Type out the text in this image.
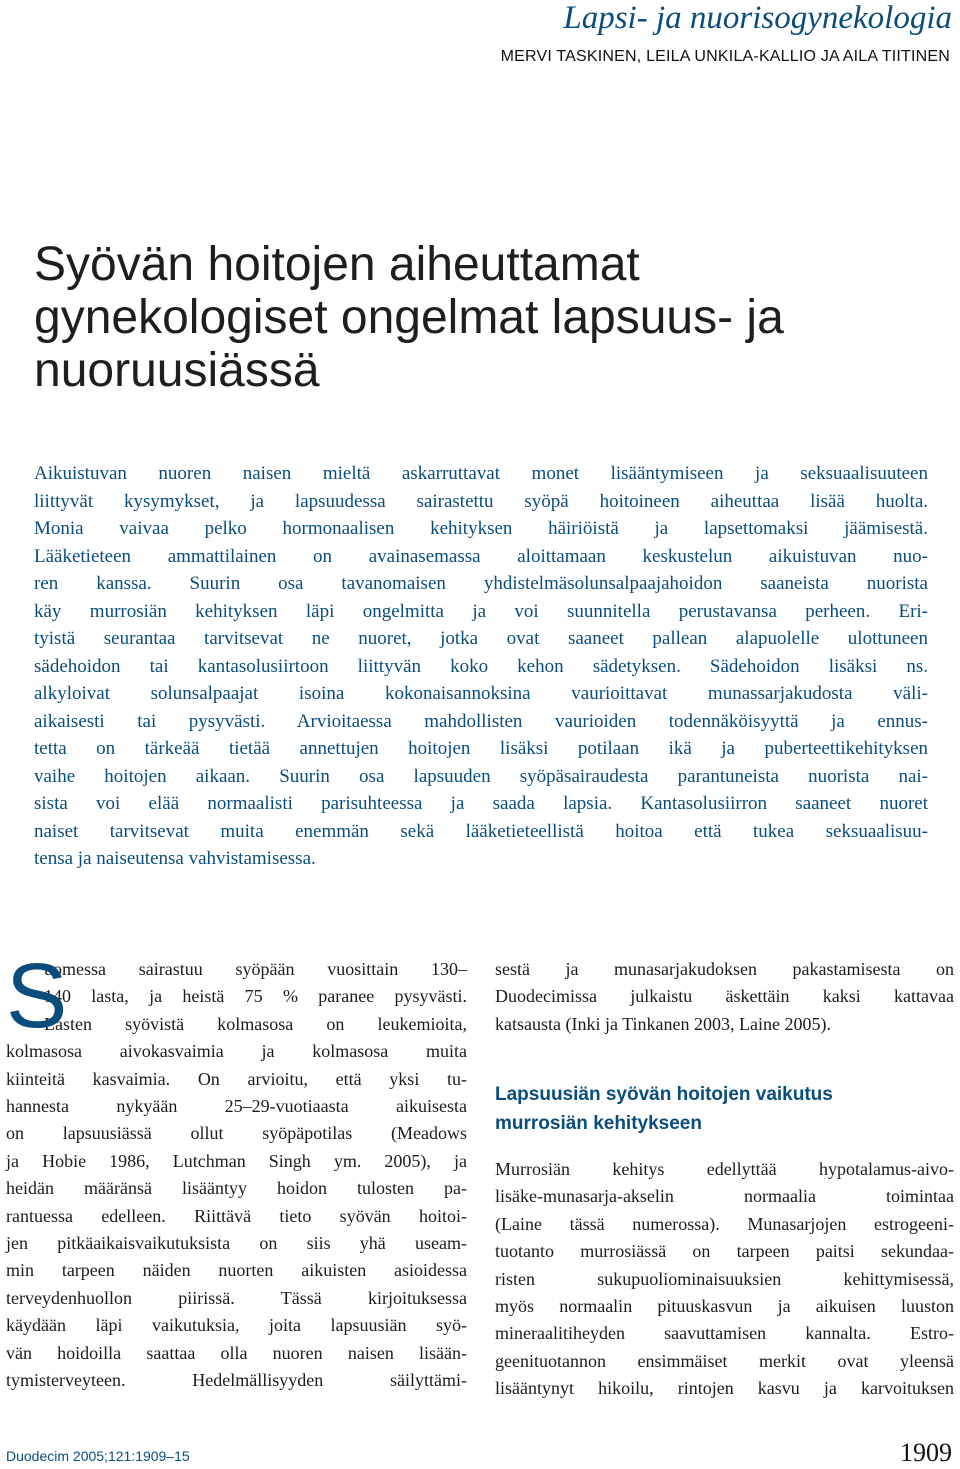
Lapsi- ja nuorisogynekologia
MERVI TASKINEN, LEILA UNKILA-KALLIO JA AILA TIITINEN
Syövän hoitojen aiheuttamat
gynekologiset ongelmat lapsuus- ja
nuoruusiässä
Aikuistuvan nuoren naisen mieltä askarruttavat monet lisääntymiseen ja seksuaalisuuteen
liittyvät kysymykset, ja lapsuudessa sairastettu syöpä hoitoineen aiheuttaa lisää huolta.
Monia vaivaa pelko hormonaalisen kehityksen häiriöistä ja lapsettomaksi jäämisestä.
Lääketieteen ammattilainen on avainasemassa aloittamaan keskustelun aikuistuvan nuo-
ren kanssa. Suurin osa tavanomaisen yhdistelmäsolunsalpaajahoidon saaneista nuorista
käy murrosiän kehityksen läpi ongelmitta ja voi suunnitella perustavansa perheen. Eri-
tyistä seurantaa tarvitsevat ne nuoret, jotka ovat saaneet pallean alapuolelle ulottuneen
sädehoidon tai kantasolusiirtoon liittyvän koko kehon sädetyksen. Sädehoidon lisäksi ns.
alkyloivat solunsalpaajat isoina kokonaisannoksina vaurioittavat munassarjakudosta väli-
aikaisesti tai pysyvästi. Arvioitaessa mahdollisten vaurioiden todennäköisyyttä ja ennus-
tetta on tärkeää tietää annettujen hoitojen lisäksi potilaan ikä ja puberteettikehityksen
vaihe hoitojen aikaan. Suurin osa lapsuuden syöpäsairaudesta parantuneista nuorista nai-
sista voi elää normaalisti parisuhteessa ja saada lapsia. Kantasolusiirron saaneet nuoret
naiset tarvitsevat muita enemmän sekä lääketieteellistä hoitoa että tukea seksuaalisuu-
tensa ja naiseutensa vahvistamisessa.
S
uomessa sairastuu syöpään vuosittain 130–
140 lasta, ja heistä 75 % paranee pysyvästi.
Lasten syövistä kolmasosa on leukemioita,
kolmasosa aivokasvaimia ja kolmasosa muita
kiinteitä kasvaimia. On arvioitu, että yksi tu-
hannesta nykyään 25–29-vuotiaasta aikuisesta
on lapsuusiässä ollut syöpäpotilas (Meadows
ja Hobie 1986, Lutchman Singh ym. 2005), ja
heidän määränsä lisääntyy hoidon tulosten pa-
rantuessa edelleen. Riittävä tieto syövän hoitoi-
jen pitkäaikaisvaikutuksista on siis yhä useam-
min tarpeen näiden nuorten aikuisten asioidessa
terveydenhuollon piirissä. Tässä kirjoituksessa
käydään läpi vaikutuksia, joita lapsuusiän syö-
vän hoidoilla saattaa olla nuoren naisen lisään-
tymisterveyteen. Hedelmällisyyden säilyttämi-
sestä ja munasarjakudoksen pakastamisesta on
Duodecimissa julkaistu äskettäin kaksi kattavaa
katsausta (Inki ja Tinkanen 2003, Laine 2005).
Lapsuusiän syövän hoitojen vaikutus
murrosiän kehitykseen
Murrosiän kehitys edellyttää hypotalamus-aivo-
lisäke-munasarja-akselin normaalia toimintaa
(Laine tässä numerossa). Munasarjojen estrogeeni-
tuotanto murrosiässä on tarpeen paitsi sekundaa-
risten sukupuoliominaisuuksien kehittymisessä,
myös normaalin pituuskasvun ja aikuisen luuston
mineraalitiheyden saavuttamisen kannalta. Estro-
geenituotannon ensimmäiset merkit ovat yleensä
lisääntynyt hikoilu, rintojen kasvu ja karvoituksen
Duodecim 2005;121:1909–15	1909
